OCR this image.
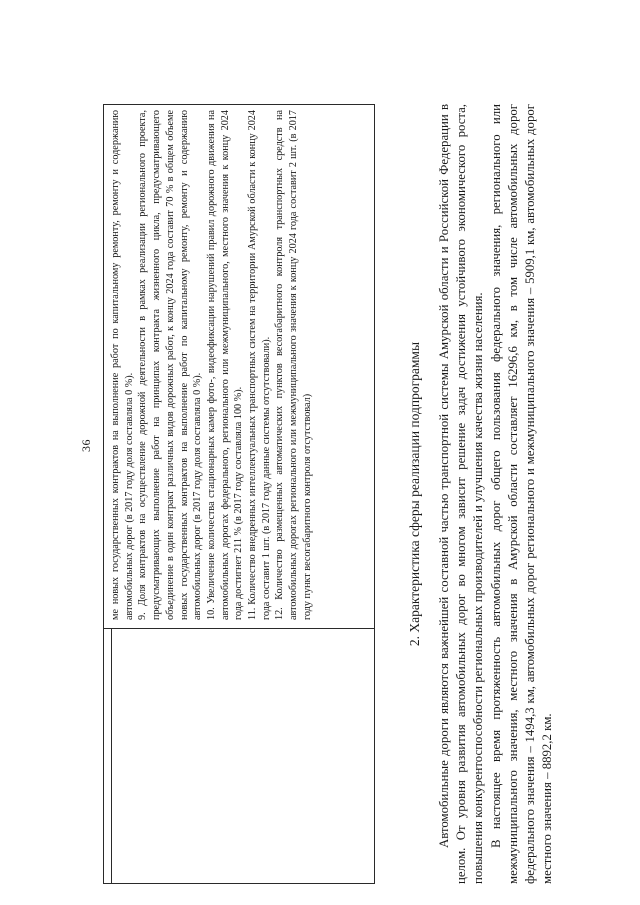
36 ме новых государственных контрактов на выполнение работ по капитальному ремонту, ремонту и содержанию автомобильных дорог (в 2017 году доля составляла 0 %). 9. Доля контрактов на осуществление дорожной деятельности в рамках реализации регионального проекта, предусматривающих выполнение работ на принципах контракта жизненного цикла, предусматривающего объединение в один контракт различных видов дорожных работ, к концу 2024 года составит 70 % в общем объеме новых государственных контрактов на выполнение работ по капитальному ремонту, ремонту и содержанию автомобильных дорог (в 2017 году доля составляла 0 %). 10. Увеличение количества стационарных камер фото-, видеофиксации нарушений правил дорожного движения на автомобильных дорогах федерального, регионального или межмуниципального, местного значения к концу 2024 года достигнет 211 % (в 2017 году составляла 100 %). 11. Количество внедренных интеллектуальных транспортных систем на территории Амурской области к концу 2024 года составит 1 шт. (в 2017 году данные системы отсутствовали). 12. Количество размещенных автоматических пунктов весогабаритного контроля транспортных средств на автомобильных дорогах регионального или межмуниципального значения к концу 2024 года составит 2 шт. (в 2017 году пункт весогабаритного контроля отсутствовал)	2. Характеристика сферы реализации подпрограммы Автомобильные дороги являются важнейшей составной частью транспортной системы Амурской области и Российской Федерации в целом. От уровня развития автомобильных дорог во многом зависит решение задач достижения устойчивого экономического роста, повышения конкурентоспособности региональных производителей и улучшения качества жизни населения. В настоящее время протяженность автомобильных дорог общего пользования федерального значения, регионального или межмуниципального значения, местного значения в Амурской области составляет 16296,6 км, в том числе автомобильных дорог федерального значения – 1494,3 км, автомобильных дорог регионального и межмуниципального значения – 5909,1 км, автомобильных дорог местного значения – 8892,2 км.
